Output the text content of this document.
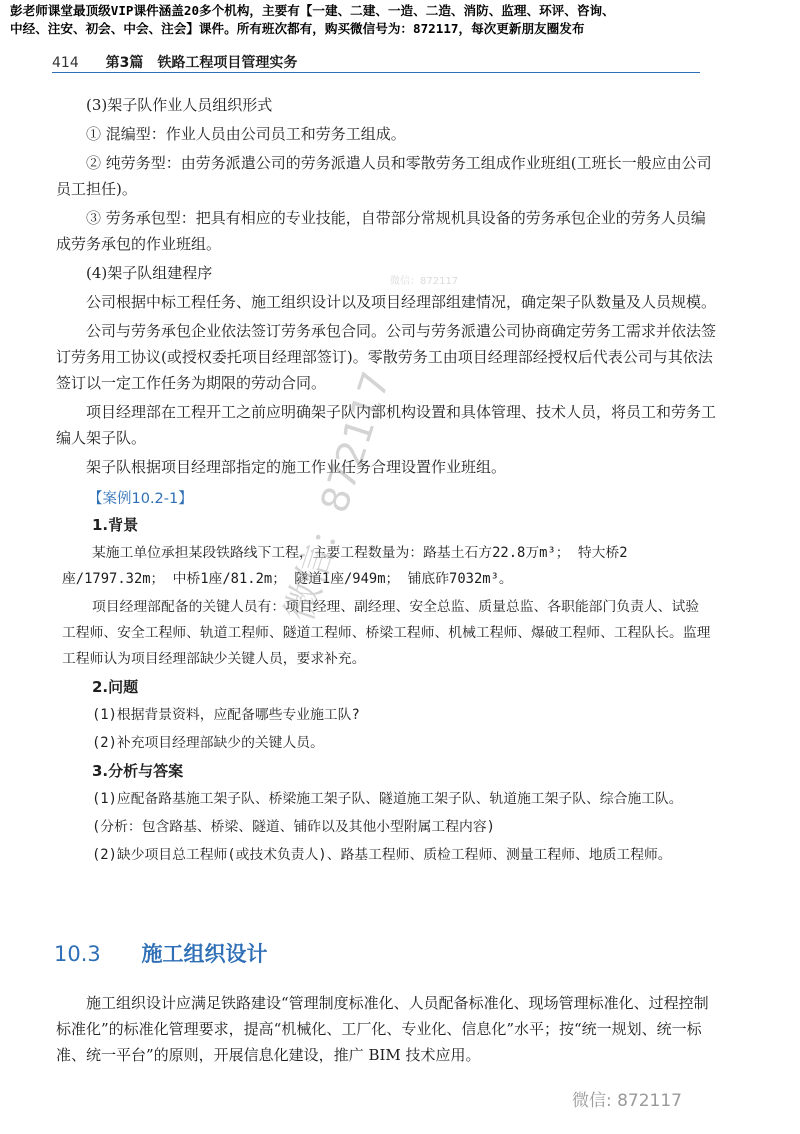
彭老师课堂最顶级VIP课件涵盖20多个机构，主要有【一建、二建、一造、二造、消防、监理、环评、咨询、
中经、注安、初会、中会、注会】课件。所有班次都有，购买微信号为：872117，每次更新朋友圈发布
414 第3篇　铁路工程项目管理实务

(3)架子队作业人员组织形式

① 混编型：作业人员由公司员工和劳务工组成。

② 纯劳务型：由劳务派遣公司的劳务派遣人员和零散劳务工组成作业班组(工班长一般应由公司员工担任)。

③ 劳务承包型：把具有相应的专业技能，自带部分常规机具设备的劳务承包企业的劳务人员编成劳务承包的作业班组。

(4)架子队组建程序

公司根据中标工程任务、施工组织设计以及项目经理部组建情况，确定架子队数量及人员规模。

公司与劳务承包企业依法签订劳务承包合同。公司与劳务派遣公司协商确定劳务工需求并依法签订劳务用工协议(或授权委托项目经理部签订)。零散劳务工由项目经理部经授权后代表公司与其依法签订以一定工作任务为期限的劳动合同。

项目经理部在工程开工之前应明确架子队内部机构设置和具体管理、技术人员，将员工和劳务工编人架子队。

架子队根据项目经理部指定的施工作业任务合理设置作业班组。

【案例10.2-1】

1.背景

某施工单位承担某段铁路线下工程，主要工程数量为：路基土石方22.8万m³； 特大桥2座/1797.32m； 中桥1座/81.2m； 隧道1座/949m； 铺底砟7032m³。

项目经理部配备的关键人员有：项目经理、副经理、安全总监、质量总监、各职能部门负责人、试验工程师、安全工程师、轨道工程师、隧道工程师、桥梁工程师、机械工程师、爆破工程师、工程队长。监理工程师认为项目经理部缺少关键人员，要求补充。

2.问题

(1)根据背景资料，应配备哪些专业施工队?

(2)补充项目经理部缺少的关键人员。

3.分析与答案

(1)应配备路基施工架子队、桥梁施工架子队、隧道施工架子队、轨道施工架子队、综合施工队。

(分析：包含路基、桥梁、隧道、铺砟以及其他小型附属工程内容)

(2)缺少项目总工程师(或技术负责人)、路基工程师、质检工程师、测量工程师、地质工程师。

10.3 施工组织设计

施工组织设计应满足铁路建设“管理制度标准化、人员配备标准化、现场管理标准化、过程控制标准化”的标准化管理要求，提高“机械化、工厂化、专业化、信息化”水平；按“统一规划、统一标准、统一平台”的原则，开展信息化建设，推广 BIM 技术应用。

微信：872117
微信：872117
微信: 872117
